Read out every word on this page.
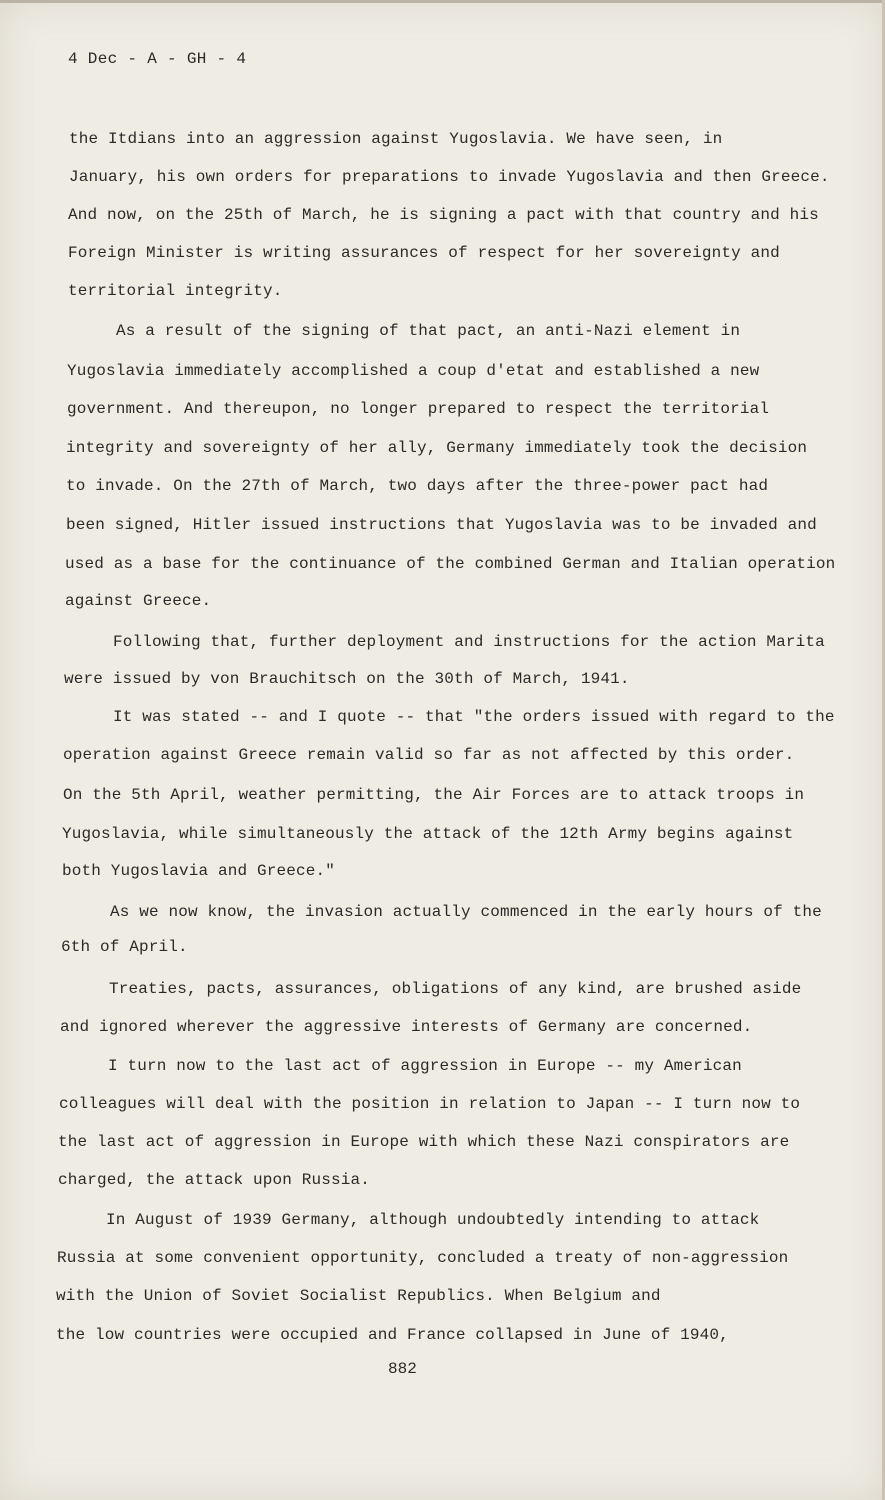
4 Dec - A - GH - 4
the Itdians into an aggression against Yugoslavia. We have seen, in
January, his own orders for preparations to invade Yugoslavia and then Greece.
And now, on the 25th of March, he is signing a pact with that country and his
Foreign Minister is writing assurances of respect for her sovereignty and
territorial integrity.
As a result of the signing of that pact, an anti-Nazi element in
Yugoslavia immediately accomplished a coup d'etat and established a new
government. And thereupon, no longer prepared to respect the territorial
integrity and sovereignty of her ally, Germany immediately took the decision
to invade. On the 27th of March, two days after the three-power pact had
been signed, Hitler issued instructions that Yugoslavia was to be invaded and
used as a base for the continuance of the combined German and Italian operation
against Greece.
Following that, further deployment and instructions for the action Marita
were issued by von Brauchitsch on the 30th of March, 1941.
It was stated -- and I quote -- that "the orders issued with regard to the
operation against Greece remain valid so far as not affected by this order.
On the 5th April, weather permitting, the Air Forces are to attack troops in
Yugoslavia, while simultaneously the attack of the 12th Army begins against
both Yugoslavia and Greece."
As we now know, the invasion actually commenced in the early hours of the
6th of April.
Treaties, pacts, assurances, obligations of any kind, are brushed aside
and ignored wherever the aggressive interests of Germany are concerned.
I turn now to the last act of aggression in Europe -- my American
colleagues will deal with the position in relation to Japan -- I turn now to
the last act of aggression in Europe with which these Nazi conspirators are
charged, the attack upon Russia.
In August of 1939 Germany, although undoubtedly intending to attack
Russia at some convenient opportunity, concluded a treaty of non-aggression
with the Union of Soviet Socialist Republics. When Belgium and
the low countries were occupied and France collapsed in June of 1940,
882
